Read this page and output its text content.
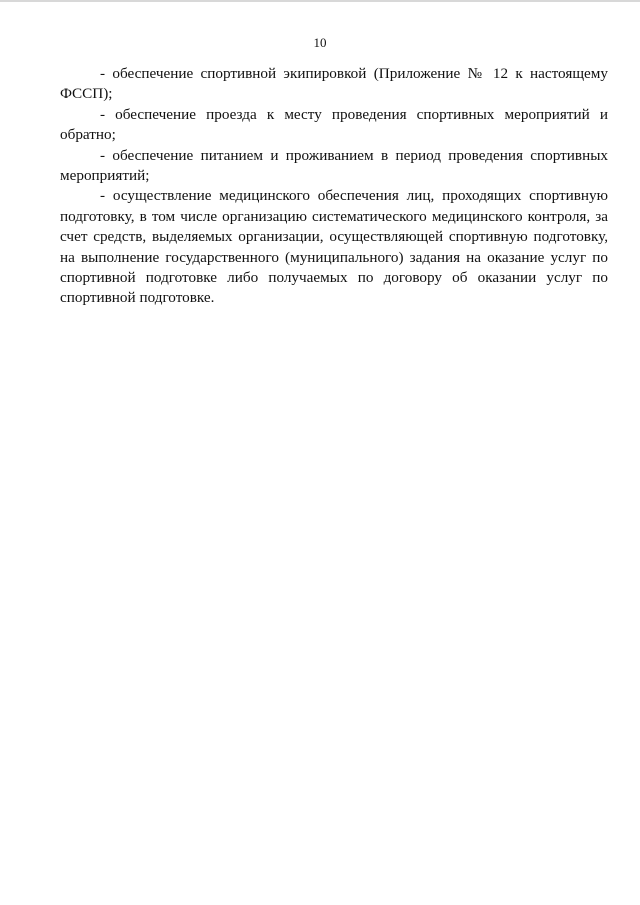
10

- обеспечение спортивной экипировкой (Приложение № 12 к настоящему ФССП);

- обеспечение проезда к месту проведения спортивных мероприятий и обратно;

- обеспечение питанием и проживанием в период проведения спортивных мероприятий;

- осуществление медицинского обеспечения лиц, проходящих спортивную подготовку, в том числе организацию систематического медицинского контроля, за счет средств, выделяемых организации, осуществляющей спортивную подготовку, на выполнение государственного (муниципального) задания на оказание услуг по спортивной подготовке либо получаемых по договору об оказании услуг по спортивной подготовке.
